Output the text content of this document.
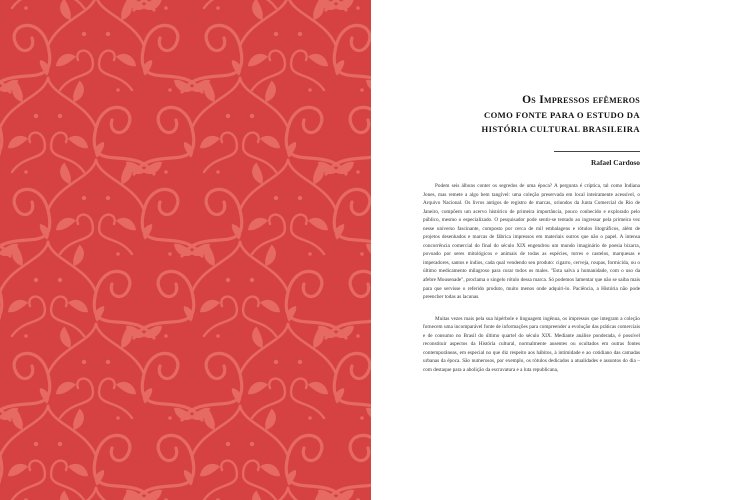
Os Impressos efêmeros
COMO FONTE PARA O ESTUDO DA
HISTÓRIA CULTURAL BRASILEIRA
Rafael Cardoso

Podem seis álbuns conter os segredos de uma época? A pergunta é críptica, tal como Indiana Jones, mas remete a algo bem tangível: uma coleção preservada em local inteiramente acessível, o Arquivo Nacional. Os livros antigos de registro de marcas, oriundos da Junta Comercial do Rio de Janeiro, compõem um acervo histórico de primeira importância, pouco conhecido e explorado pelo público, mesmo o especializado. O pesquisador pode sentir-se tentado ao ingressar pela primeira vez nesse universo fascinante, composto por cerca de mil embalagens e rótulos litográficos, além de projetos desenhados e marcas de fábrica impressos em materiais outros que não o papel. A intensa concorrência comercial do final do século XIX engendrou um mundo imaginário de poesia bizarra, povoado por seres mitológicos e animais de todas as espécies, torres e castelos, marquesas e imperadores, santos e índios, cada qual vendendo seu produto: cigarro, cerveja, roupas, formicida, ou o último medicamento milagroso para curar todos os males. "Esta salva a humanidade, com o uso da afebre Mousenade", proclama o singelo rótulo dessa marca. Só podemos lamentar que não se saiba mais para que servisse o referido produto, muito menos onde adquiri-lo. Paciência, a História não pode preencher todas as lacunas.

Muitas vezes mais pela sua hipérbole e linguagem ingênua, os impressos que integram a coleção fornecem uma incomparável fonte de informações para compreender a evolução das práticas comerciais e de consumo no Brasil do último quartel do século XIX. Mediante análise ponderada, é possível reconstituir aspectos da História cultural, normalmente ausentes ou ocultados em outras fontes contemporâneas, em especial no que diz respeito aos hábitos, à intimidade e ao cotidiano das camadas urbanas da época. São numerosos, por exemplo, os rótulos dedicados a atualidades e assuntos do dia – com destaque para a abolição da escravatura e a luta republicana,
